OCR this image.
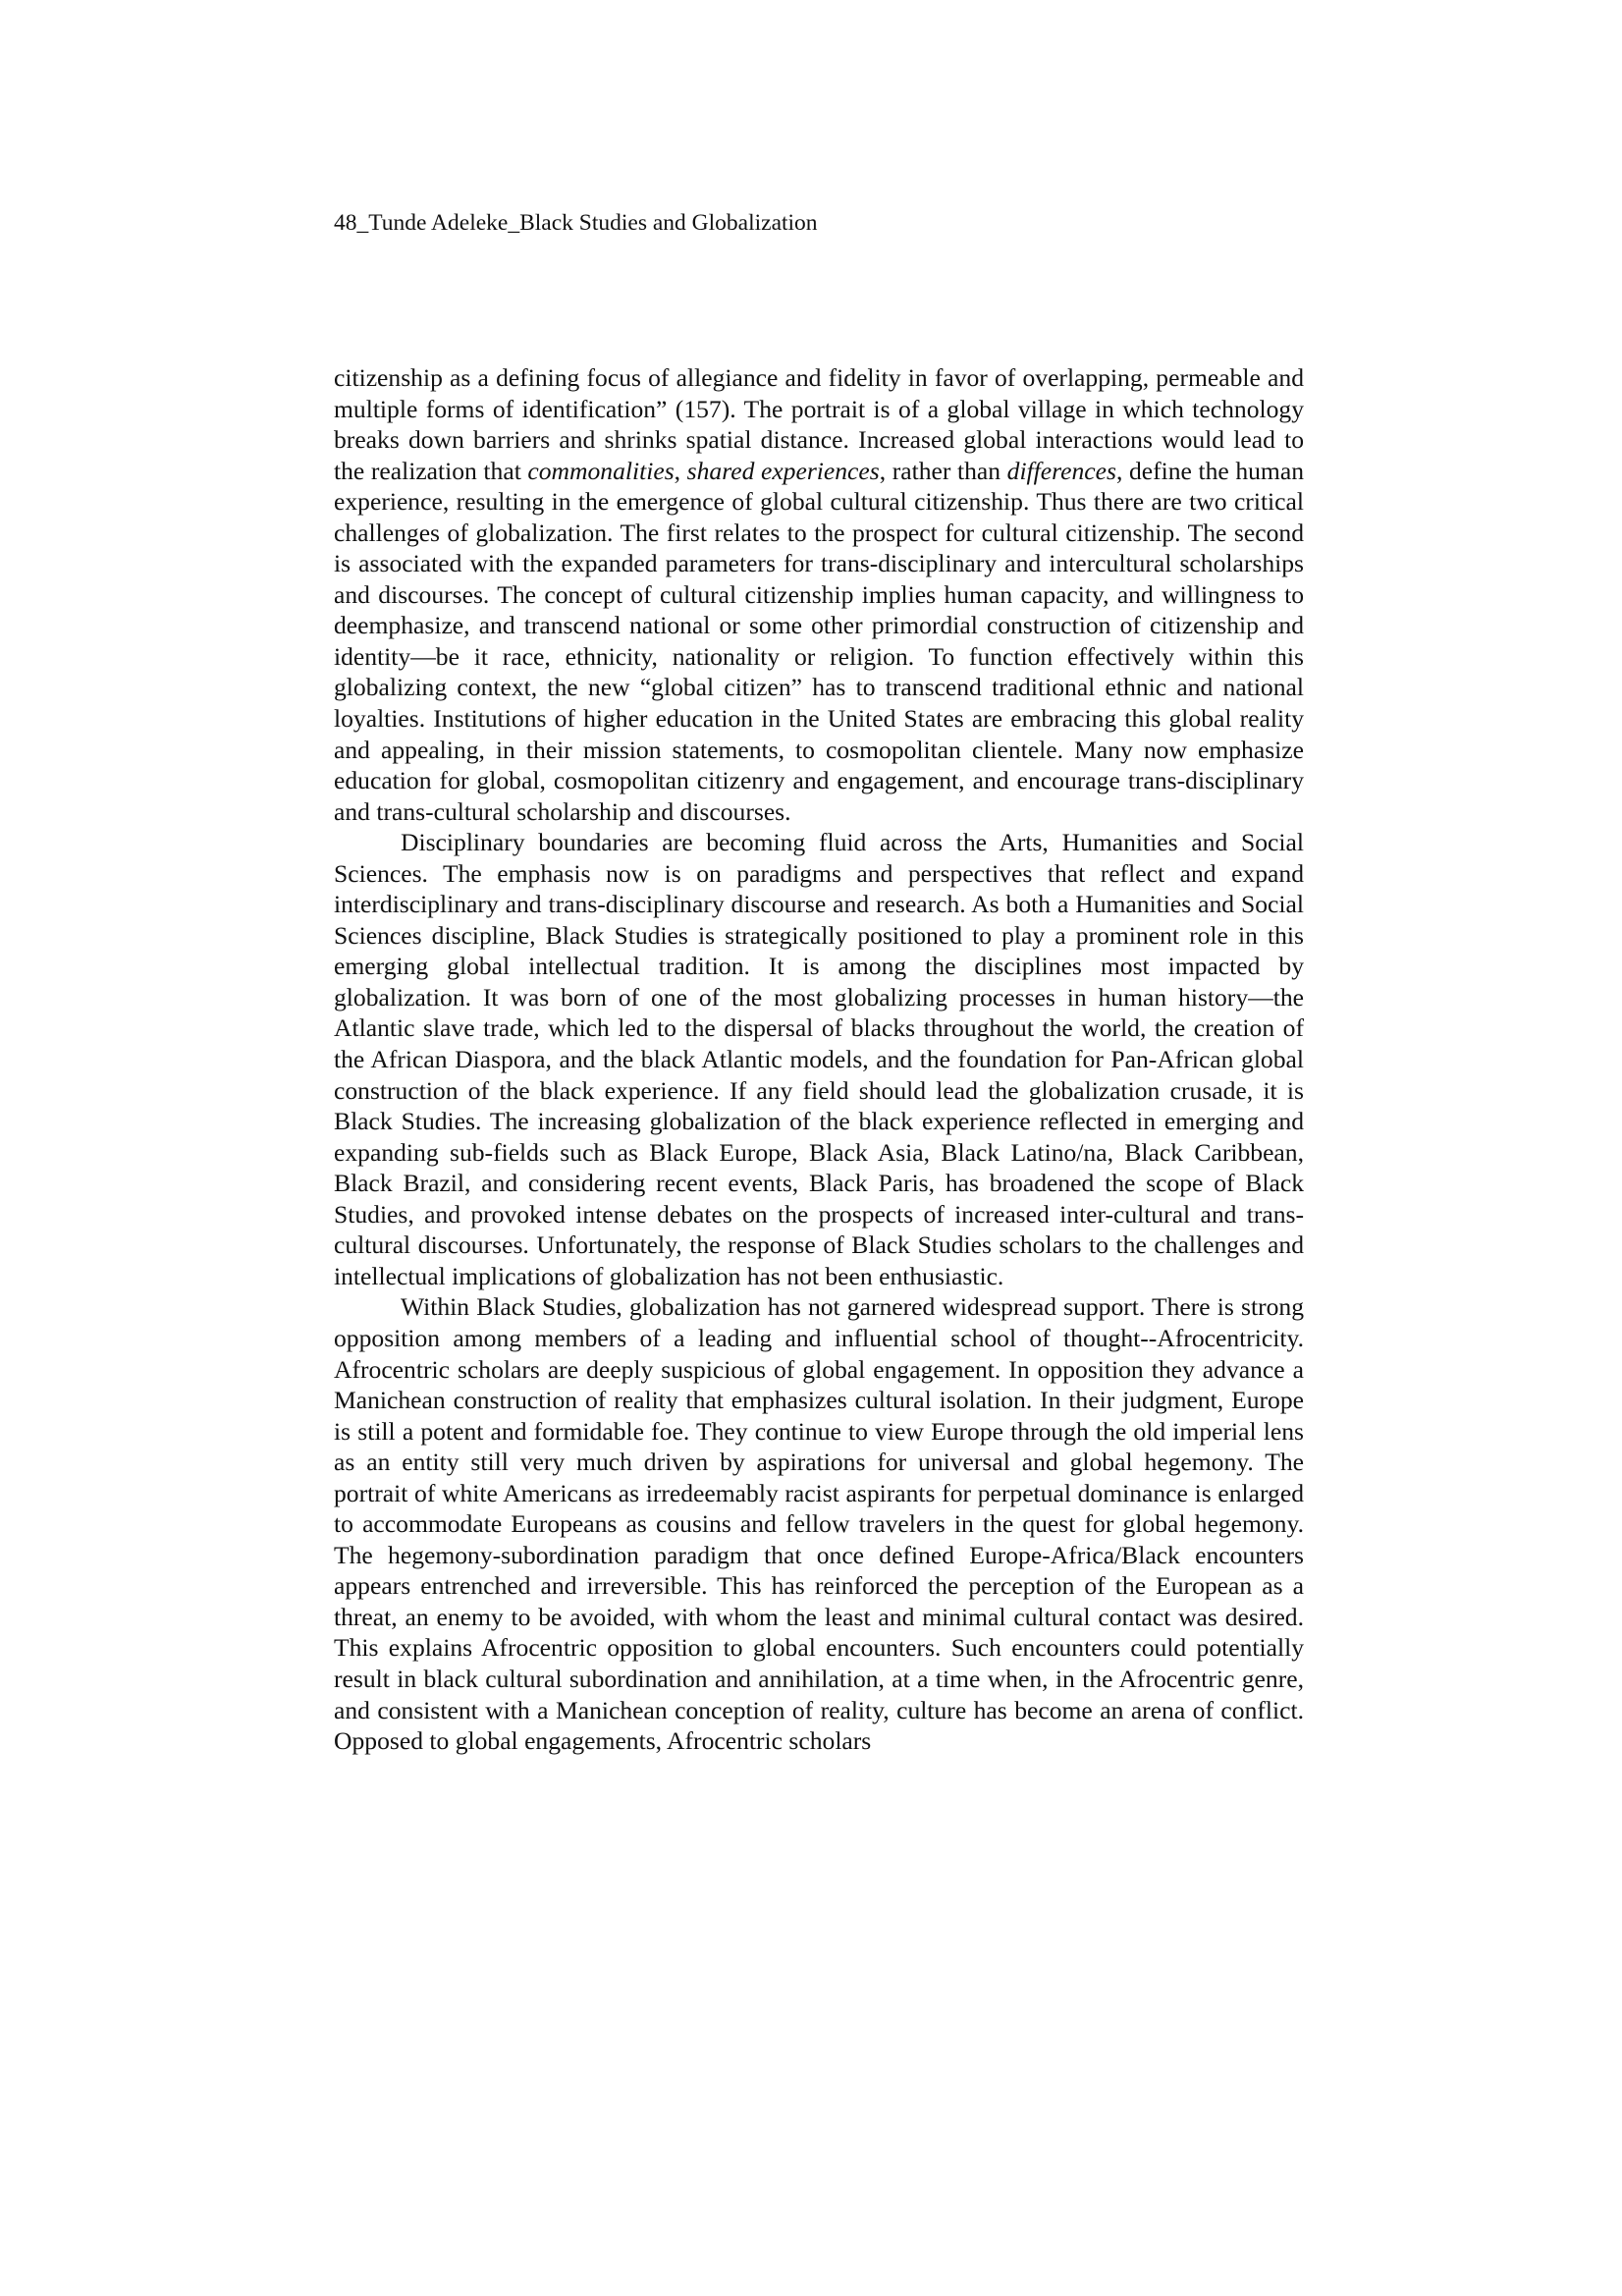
48_Tunde Adeleke_Black Studies and Globalization

citizenship as a defining focus of allegiance and fidelity in favor of overlapping, permeable and multiple forms of identification” (157). The portrait is of a global village in which technology breaks down barriers and shrinks spatial distance. Increased global interactions would lead to the realization that commonalities, shared experiences, rather than differences, define the human experience, resulting in the emergence of global cultural citizenship. Thus there are two critical challenges of globalization. The first relates to the prospect for cultural citizenship. The second is associated with the expanded parameters for trans-disciplinary and intercultural scholarships and discourses. The concept of cultural citizenship implies human capacity, and willingness to deemphasize, and transcend national or some other primordial construction of citizenship and identity—be it race, ethnicity, nationality or religion. To function effectively within this globalizing context, the new “global citizen” has to transcend traditional ethnic and national loyalties. Institutions of higher education in the United States are embracing this global reality and appealing, in their mission statements, to cosmopolitan clientele. Many now emphasize education for global, cosmopolitan citizenry and engagement, and encourage trans-disciplinary and trans-cultural scholarship and discourses.

Disciplinary boundaries are becoming fluid across the Arts, Humanities and Social Sciences. The emphasis now is on paradigms and perspectives that reflect and expand interdisciplinary and trans-disciplinary discourse and research. As both a Humanities and Social Sciences discipline, Black Studies is strategically positioned to play a prominent role in this emerging global intellectual tradition. It is among the disciplines most impacted by globalization. It was born of one of the most globalizing processes in human history—the Atlantic slave trade, which led to the dispersal of blacks throughout the world, the creation of the African Diaspora, and the black Atlantic models, and the foundation for Pan-African global construction of the black experience. If any field should lead the globalization crusade, it is Black Studies. The increasing globalization of the black experience reflected in emerging and expanding sub-fields such as Black Europe, Black Asia, Black Latino/na, Black Caribbean, Black Brazil, and considering recent events, Black Paris, has broadened the scope of Black Studies, and provoked intense debates on the prospects of increased inter-cultural and trans-cultural discourses. Unfortunately, the response of Black Studies scholars to the challenges and intellectual implications of globalization has not been enthusiastic.

Within Black Studies, globalization has not garnered widespread support. There is strong opposition among members of a leading and influential school of thought--Afrocentricity. Afrocentric scholars are deeply suspicious of global engagement. In opposition they advance a Manichean construction of reality that emphasizes cultural isolation. In their judgment, Europe is still a potent and formidable foe. They continue to view Europe through the old imperial lens as an entity still very much driven by aspirations for universal and global hegemony. The portrait of white Americans as irredeemably racist aspirants for perpetual dominance is enlarged to accommodate Europeans as cousins and fellow travelers in the quest for global hegemony. The hegemony-subordination paradigm that once defined Europe-Africa/Black encounters appears entrenched and irreversible. This has reinforced the perception of the European as a threat, an enemy to be avoided, with whom the least and minimal cultural contact was desired. This explains Afrocentric opposition to global encounters. Such encounters could potentially result in black cultural subordination and annihilation, at a time when, in the Afrocentric genre, and consistent with a Manichean conception of reality, culture has become an arena of conflict. Opposed to global engagements, Afrocentric scholars
